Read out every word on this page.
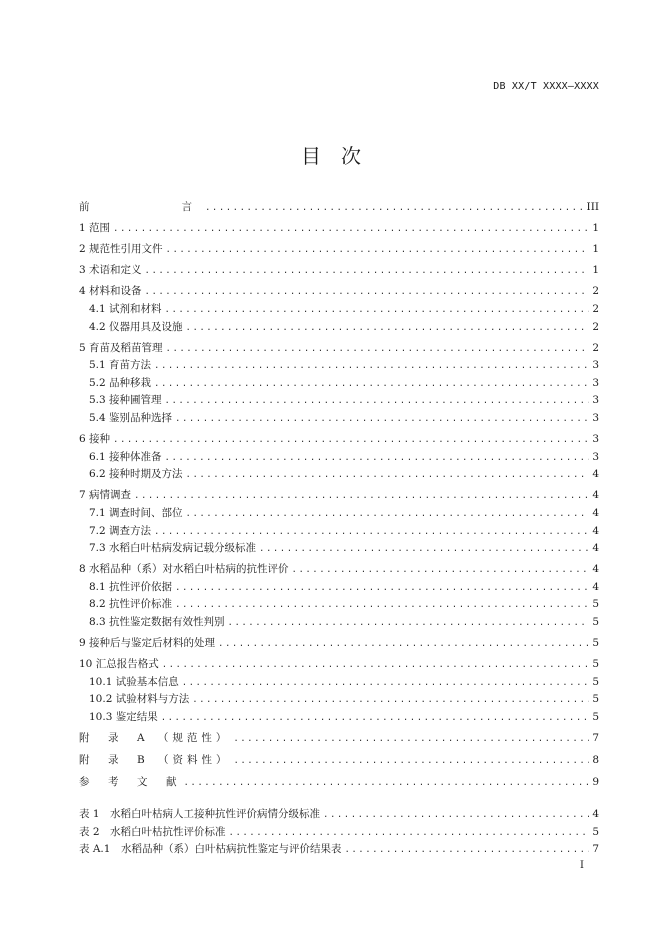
DB XX/T XXXX—XXXX
目　次
前　　　　言 .....	III
1 范围 .....	1
2 规范性引用文件 .....	1
3 术语和定义 .....	1
4 材料和设备 .....	2
4.1 试剂和材料 .....	2
4.2 仪器用具及设施 .....	2
5 育苗及稻苗管理 .....	2
5.1 育苗方法 .....	3
5.2 品种移栽 .....	3
5.3 接种圃管理 .....	3
5.4 鉴别品种选择 .....	3
6 接种 .....	3
6.1 接种体准备 .....	3
6.2 接种时期及方法 .....	4
7 病情调查 .....	4
7.1 调查时间、部位 .....	4
7.2 调查方法 .....	4
7.3 水稻白叶枯病发病记载分级标准 .....	4
8 水稻品种（系）对水稻白叶枯病的抗性评价 .....	4
8.1 抗性评价依据 .....	4
8.2 抗性评价标准 .....	5
8.3 抗性鉴定数据有效性判别 .....	5
9 接种后与鉴定后材料的处理 .....	5
10 汇总报告格式 .....	5
10.1 试验基本信息 .....	5
10.2 试验材料与方法 .....	5
10.3 鉴定结果 .....	5
附　录　A　（规范性） .....	7
附　录　B　（资料性） .....	8
参　考　文　献 .....	9
表 1　水稻白叶枯病人工接种抗性评价病情分级标准 .....	4
表 2　水稻白叶枯抗性评价标准 .....	5
表 A.1　水稻品种（系）白叶枯病抗性鉴定与评价结果表 .....	7
I
